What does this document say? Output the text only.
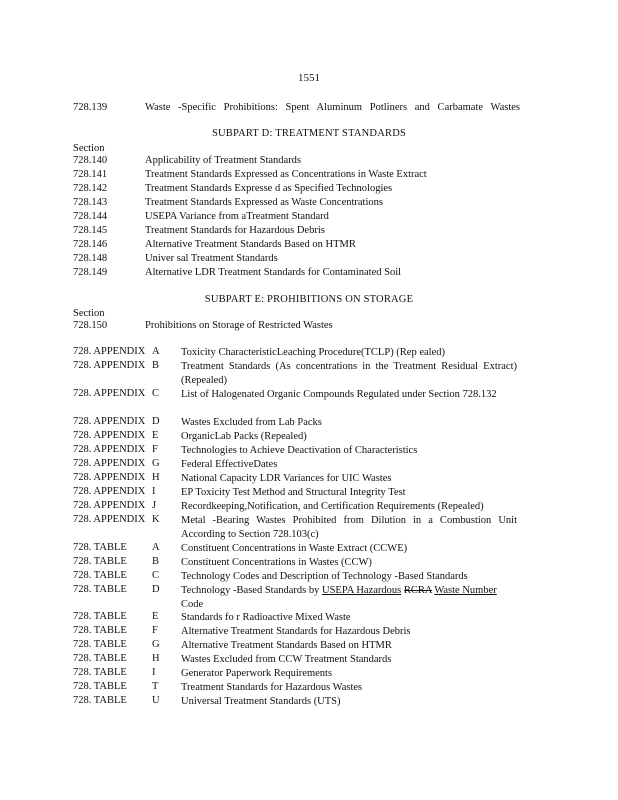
1551
728.139	Waste -Specific Prohibitions: Spent Aluminum Potliners and Carbamate Wastes
SUBPART D: TREATMENT STANDARDS
Section
728.140	Applicability of Treatment Standards
728.141	Treatment Standards Expressed as Concentrations in Waste Extract
728.142	Treatment Standards Expresse d as Specified Technologies
728.143	Treatment Standards Expressed as Waste Concentrations
728.144	USEPA Variance from aTreatment Standard
728.145	Treatment Standards for Hazardous Debris
728.146	Alternative Treatment Standards Based on HTMR
728.148	Univer sal Treatment Standards
728.149	Alternative LDR Treatment Standards for Contaminated Soil
SUBPART E: PROHIBITIONS ON STORAGE
Section
728.150	Prohibitions on Storage of Restricted Wastes
728. APPENDIX A Toxicity CharacteristicLeaching Procedure(TCLP) (Rep ealed)
728. APPENDIX B Treatment Standards (As concentrations in the Treatment Residual Extract) (Repealed)
728. APPENDIX C List of Halogenated Organic Compounds Regulated under Section 728.132
728. APPENDIX D Wastes Excluded from Lab Packs
728. APPENDIX E OrganicLab Packs (Repealed)
728. APPENDIX F Technologies to Achieve Deactivation of Characteristics
728. APPENDIX G Federal EffectiveDates
728. APPENDIX H National Capacity LDR Variances for UIC Wastes
728. APPENDIX I EP Toxicity Test Method and Structural Integrity Test
728. APPENDIX J Recordkeeping,Notification, and Certification Requirements (Repealed)
728. APPENDIX K Metal -Bearing Wastes Prohibited from Dilution in a Combustion Unit According to Section 728.103(c)
728. TABLE	A Constituent Concentrations in Waste Extract (CCWE)
728. TABLE	B Constituent Concentrations in Wastes (CCW)
728. TABLE	C Technology Codes and Description of Technology -Based Standards
728. TABLE	D Technology -Based Standards by USEPA Hazardous RCRA Waste Number Code
728. TABLE	E Standards fo r Radioactive Mixed Waste
728. TABLE	F Alternative Treatment Standards for Hazardous Debris
728. TABLE	G Alternative Treatment Standards Based on HTMR
728. TABLE	H Wastes Excluded from CCW Treatment Standards
728. TABLE	I Generator Paperwork Requirements
728. TABLE	T Treatment Standards for Hazardous Wastes
728. TABLE	U Universal Treatment Standards (UTS)
